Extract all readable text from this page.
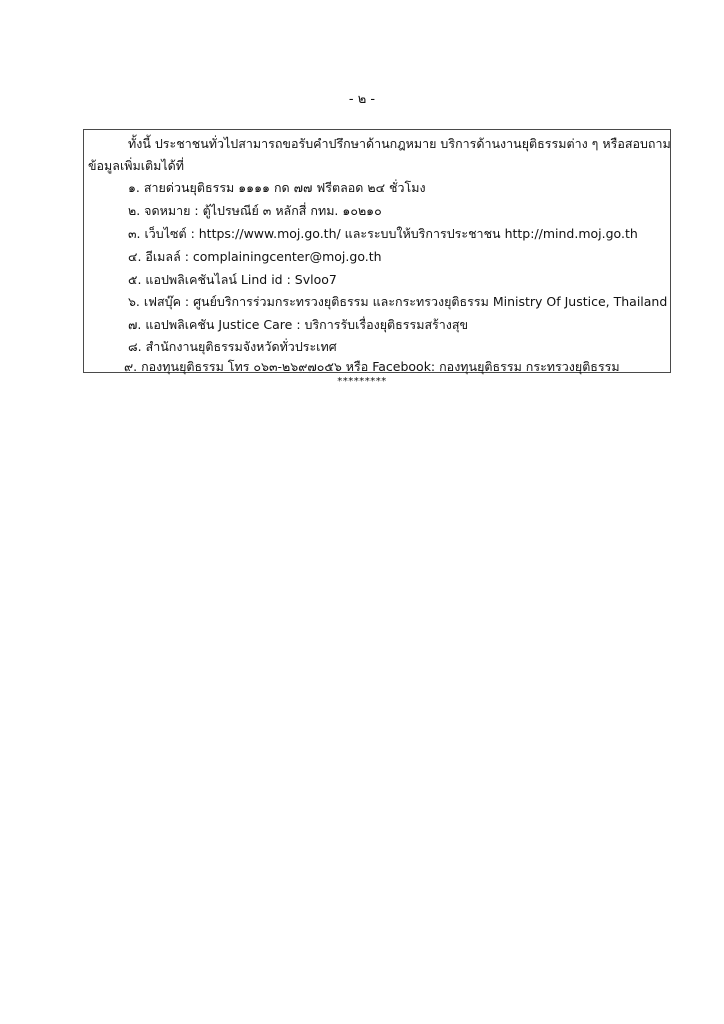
- ๒ -
ทั้งนี้ ประชาชนทั่วไปสามารถขอรับคำปรึกษาด้านกฎหมาย บริการด้านงานยุติธรรมต่าง ๆ หรือสอบถาม
ข้อมูลเพิ่มเติมได้ที่
๑. สายด่วนยุติธรรม ๑๑๑๑ กด ๗๗ ฟรีตลอด ๒๔ ชั่วโมง
๒. จดหมาย : ตู้ไปรษณีย์ ๓ หลักสี่ กทม. ๑๐๒๑๐
๓. เว็บไซต์ : https://www.moj.go.th/ และระบบให้บริการประชาชน http://mind.moj.go.th
๔. อีเมลล์ : complainingcenter@moj.go.th
๕. แอปพลิเคชันไลน์ Lind id : Svloo7
๖. เฟสบุ๊ค : ศูนย์บริการร่วมกระทรวงยุติธรรม และกระทรวงยุติธรรม Ministry Of Justice, Thailand
๗. แอปพลิเคชัน Justice Care : บริการรับเรื่องยุติธรรมสร้างสุข
๘. สำนักงานยุติธรรมจังหวัดทั่วประเทศ
๙. กองทุนยุติธรรม โทร ๐๖๓-๒๖๙๗๐๕๖ หรือ Facebook: กองทุนยุติธรรม กระทรวงยุติธรรม
*********
